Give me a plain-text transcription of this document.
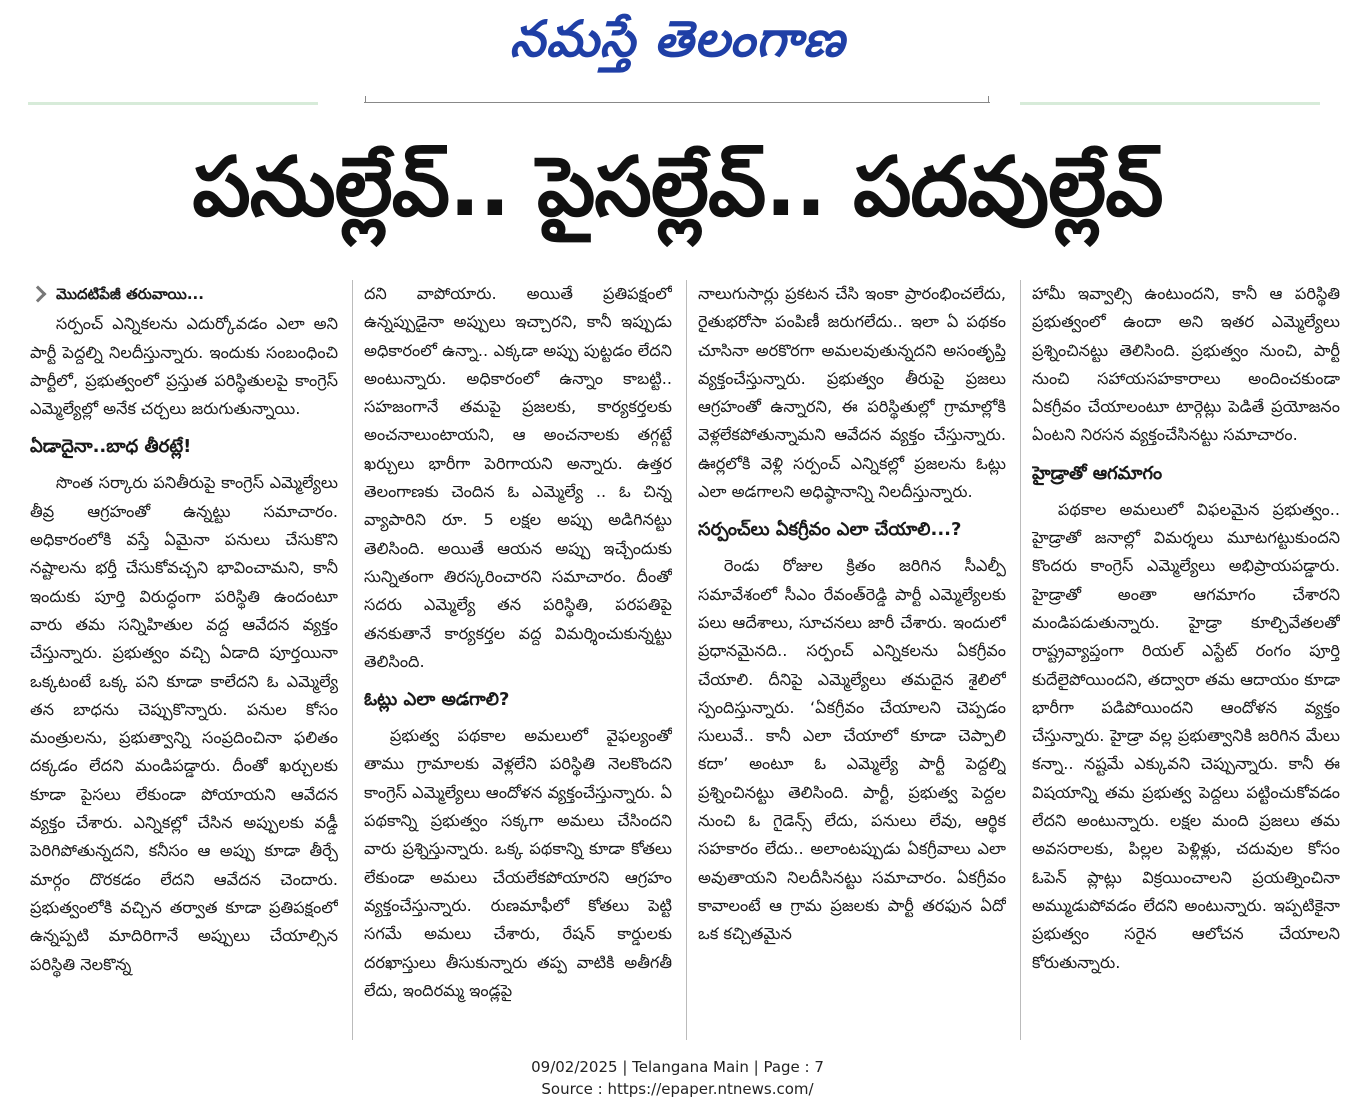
నమస్తే తెలంగాణ
పనుల్లేవ్.. పైసల్లేవ్.. పదవుల్లేవ్
మొదటిపేజీ తరువాయి...

సర్పంచ్ ఎన్నికలను ఎదుర్కోవడం ఎలా అని పార్టీ పెద్దల్ని నిలదీస్తున్నారు. ఇందుకు సంబంధించి పార్టీలో, ప్రభుత్వంలో ప్రస్తుత పరిస్థితులపై కాంగ్రెస్ ఎమ్మెల్యేల్లో అనేక చర్చలు జరుగుతున్నాయి.

ఏడాదైనా..బాధ తీరట్లే!

సొంత సర్కారు పనితీరుపై కాంగ్రెస్ ఎమ్మెల్యేలు తీవ్ర ఆగ్రహంతో ఉన్నట్టు సమాచారం. అధికారంలోకి వస్తే ఏమైనా పనులు చేసుకొని నష్టాలను భర్తీ చేసుకోవచ్చని భావించామని, కానీ ఇందుకు పూర్తి విరుద్ధంగా పరిస్థితి ఉందంటూ వారు తమ సన్నిహితుల వద్ద ఆవేదన వ్యక్తం చేస్తున్నారు. ప్రభుత్వం వచ్చి ఏడాది పూర్తయినా ఒక్కటంటే ఒక్క పని కూడా కాలేదని ఓ ఎమ్మెల్యే తన బాధను చెప్పుకొన్నారు. పనుల కోసం మంత్రులను, ప్రభుత్వాన్ని సంప్రదించినా ఫలితం దక్కడం లేదని మండిపడ్డారు. దీంతో ఖర్చులకు కూడా పైసలు లేకుండా పోయాయని ఆవేదన వ్యక్తం చేశారు. ఎన్నికల్లో చేసిన అప్పులకు వడ్డీ పెరిగిపోతున్నదని, కనీసం ఆ అప్పు కూడా తీర్చే మార్గం దొరకడం లేదని ఆవేదన చెందారు. ప్రభుత్వంలోకి వచ్చిన తర్వాత కూడా ప్రతిపక్షంలో ఉన్నప్పటి మాదిరిగానే అప్పులు చేయాల్సిన పరిస్థితి నెలకొన్న

దని వాపోయారు. అయితే ప్రతిపక్షంలో ఉన్నప్పుడైనా అప్పులు ఇచ్చారని, కానీ ఇప్పుడు అధికారంలో ఉన్నా.. ఎక్కడా అప్పు పుట్టడం లేదని అంటున్నారు. అధికారంలో ఉన్నాం కాబట్టి.. సహజంగానే తమపై ప్రజలకు, కార్యకర్తలకు అంచనాలుంటాయని, ఆ అంచనాలకు తగ్గట్టే ఖర్చులు భారీగా పెరిగాయని అన్నారు. ఉత్తర తెలంగాణకు చెందిన ఓ ఎమ్మెల్యే .. ఓ చిన్న వ్యాపారిని రూ. 5 లక్షల అప్పు అడిగినట్టు తెలిసింది. అయితే ఆయన అప్పు ఇచ్చేందుకు సున్నితంగా తిరస్కరించారని సమాచారం. దీంతో సదరు ఎమ్మెల్యే తన పరిస్థితి, పరపతిపై తనకుతానే కార్యకర్తల వద్ద విమర్శించుకున్నట్టు తెలిసింది.

ఓట్లు ఎలా అడగాలి?

ప్రభుత్వ పథకాల అమలులో వైఫల్యంతో తాము గ్రామాలకు వెళ్లలేని పరిస్థితి నెలకొందని కాంగ్రెస్ ఎమ్మెల్యేలు ఆందోళన వ్యక్తంచేస్తున్నారు. ఏ పథకాన్ని ప్రభుత్వం సక్కగా అమలు చేసిందని వారు ప్రశ్నిస్తున్నారు. ఒక్క పథకాన్ని కూడా కోతలు లేకుండా అమలు చేయలేకపోయారని ఆగ్రహం వ్యక్తంచేస్తున్నారు. రుణమాఫీలో కోతలు పెట్టి సగమే అమలు చేశారు, రేషన్ కార్డులకు దరఖాస్తులు తీసుకున్నారు తప్ప వాటికి అతీగతీ లేదు, ఇందిరమ్మ ఇండ్లపై

నాలుగుసార్లు ప్రకటన చేసి ఇంకా ప్రారంభించలేదు, రైతుభరోసా పంపిణీ జరుగలేదు.. ఇలా ఏ పథకం చూసినా అరకొరగా అమలవుతున్నదని అసంతృప్తి వ్యక్తంచేస్తున్నారు. ప్రభుత్వం తీరుపై ప్రజలు ఆగ్రహంతో ఉన్నారని, ఈ పరిస్థితుల్లో గ్రామాల్లోకి వెళ్లలేకపోతున్నామని ఆవేదన వ్యక్తం చేస్తున్నారు. ఊర్లలోకి వెళ్లి సర్పంచ్ ఎన్నికల్లో ప్రజలను ఓట్లు ఎలా అడగాలని అధిష్ఠానాన్ని నిలదీస్తున్నారు.

సర్పంచ్‌లు ఏకగ్రీవం ఎలా చేయాలి...?

రెండు రోజుల క్రితం జరిగిన సీఎల్పీ సమావేశంలో సీఎం రేవంత్‌రెడ్డి పార్టీ ఎమ్మెల్యేలకు పలు ఆదేశాలు, సూచనలు జారీ చేశారు. ఇందులో ప్రధానమైనది.. సర్పంచ్ ఎన్నికలను ఏకగ్రీవం చేయాలి. దీనిపై ఎమ్మెల్యేలు తమదైన శైలిలో స్పందిస్తున్నారు. ‘ఏకగ్రీవం చేయాలని చెప్పడం సులువే.. కానీ ఎలా చేయాలో కూడా చెప్పాలి కదా’ అంటూ ఓ ఎమ్మెల్యే పార్టీ పెద్దల్ని ప్రశ్నించినట్టు తెలిసింది. పార్టీ, ప్రభుత్వ పెద్దల నుంచి ఓ గైడెన్స్ లేదు, పనులు లేవు, ఆర్థిక సహకారం లేదు.. అలాంటప్పుడు ఏకగ్రీవాలు ఎలా అవుతాయని నిలదీసినట్టు సమాచారం. ఏకగ్రీవం కావాలంటే ఆ గ్రామ ప్రజలకు పార్టీ తరఫున ఏదో ఒక కచ్చితమైన

హామీ ఇవ్వాల్సి ఉంటుందని, కానీ ఆ పరిస్థితి ప్రభుత్వంలో ఉందా అని ఇతర ఎమ్మెల్యేలు ప్రశ్నించినట్టు తెలిసింది. ప్రభుత్వం నుంచి, పార్టీ నుంచి సహాయసహకారాలు అందించకుండా ఏకగ్రీవం చేయాలంటూ టార్గెట్లు పెడితే ప్రయోజనం ఏంటని నిరసన వ్యక్తంచేసినట్టు సమాచారం.

హైడ్రాతో ఆగమాగం

పథకాల అమలులో విఫలమైన ప్రభుత్వం.. హైడ్రాతో జనాల్లో విమర్శలు మూటగట్టుకుందని కొందరు కాంగ్రెస్ ఎమ్మెల్యేలు అభిప్రాయపడ్డారు. హైడ్రాతో అంతా ఆగమాగం చేశారని మండిపడుతున్నారు. హైడ్రా కూల్చివేతలతో రాష్ట్రవ్యాప్తంగా రియల్ ఎస్టేట్ రంగం పూర్తి కుదేలైపోయిందని, తద్వారా తమ ఆదాయం కూడా భారీగా పడిపోయిందని ఆందోళన వ్యక్తం చేస్తున్నారు. హైడ్రా వల్ల ప్రభుత్వానికి జరిగిన మేలు కన్నా.. నష్టమే ఎక్కువని చెప్పున్నారు. కానీ ఈ విషయాన్ని తమ ప్రభుత్వ పెద్దలు పట్టించుకోవడం లేదని అంటున్నారు. లక్షల మంది ప్రజలు తమ అవసరాలకు, పిల్లల పెళ్లిళ్లు, చదువుల కోసం ఓపెన్ ప్లాట్లు విక్రయించాలని ప్రయత్నించినా అమ్ముడుపోవడం లేదని అంటున్నారు. ఇప్పటికైనా ప్రభుత్వం సరైన ఆలోచన చేయాలని కోరుతున్నారు.

09/02/2025 | Telangana Main | Page : 7
Source : https://epaper.ntnews.com/
